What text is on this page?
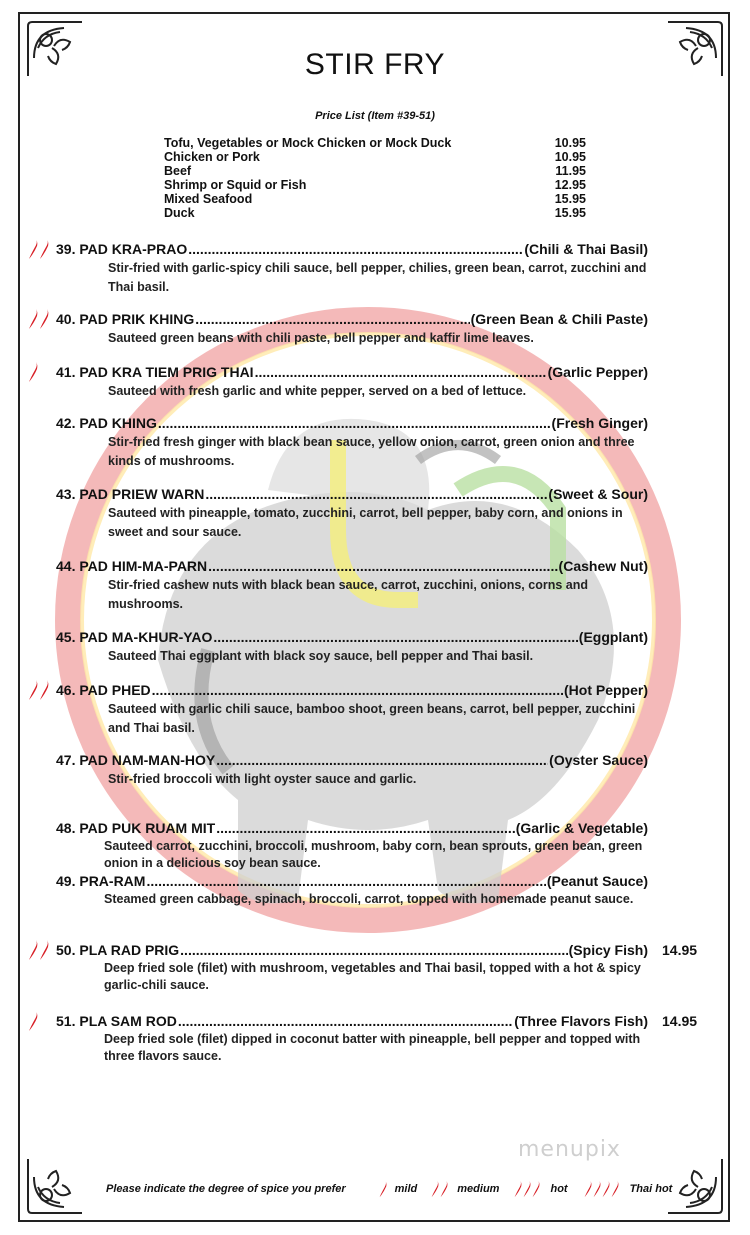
STIR FRY
Price List (Item #39-51)
Tofu, Vegetables or Mock Chicken or Mock Duck	10.95
Chicken or Pork	10.95
Beef	11.95
Shrimp or Squid or Fish	12.95
Mixed Seafood	15.95
Duck	15.95
39. PAD KRA-PRAO .....	(Chili & Thai Basil)
Stir-fried with garlic-spicy chili sauce, bell pepper, chilies, green bean, carrot, zucchini and Thai basil.
40. PAD PRIK KHING .....	(Green Bean & Chili Paste)
Sauteed green beans with chili paste, bell pepper and kaffir lime leaves.
41. PAD KRA TIEM PRIG THAI .....	(Garlic Pepper)
Sauteed with fresh garlic and white pepper, served on a bed of lettuce.
42. PAD KHING .....	(Fresh Ginger)
Stir-fried fresh ginger with black bean sauce, yellow onion, carrot, green onion and three kinds of mushrooms.
43. PAD PRIEW WARN .....	(Sweet & Sour)
Sauteed with pineapple, tomato, zucchini, carrot, bell pepper, baby corn, and onions in sweet and sour sauce.
44. PAD HIM-MA-PARN .....	(Cashew Nut)
Stir-fried cashew nuts with black bean sauce, carrot, zucchini, onions, corns and mushrooms.
45. PAD MA-KHUR-YAO .....	(Eggplant)
Sauteed Thai eggplant with black soy sauce, bell pepper and Thai basil.
46. PAD PHED .....	(Hot Pepper)
Sauteed with garlic chili sauce, bamboo shoot, green beans, carrot, bell pepper, zucchini and Thai basil.
47. PAD NAM-MAN-HOY .....	(Oyster Sauce)
Stir-fried broccoli with light oyster sauce and garlic.
48. PAD PUK RUAM MIT .....	(Garlic & Vegetable)
Sauteed carrot, zucchini, broccoli, mushroom, baby corn, bean sprouts, green bean, green onion in a delicious soy bean sauce.
49. PRA-RAM .....	(Peanut Sauce)
Steamed green cabbage, spinach, broccoli, carrot, topped with homemade peanut sauce.
50. PLA RAD PRIG .....	(Spicy Fish) 14.95
Deep fried sole (filet) with mushroom, vegetables and Thai basil, topped with a hot & spicy garlic-chili sauce.
51. PLA SAM ROD .....	(Three Flavors Fish) 14.95
Deep fried sole (filet) dipped in coconut batter with pineapple, bell pepper and topped with three flavors sauce.
Please indicate the degree of spice you prefer	mild	medium	hot	Thai hot
menupix
